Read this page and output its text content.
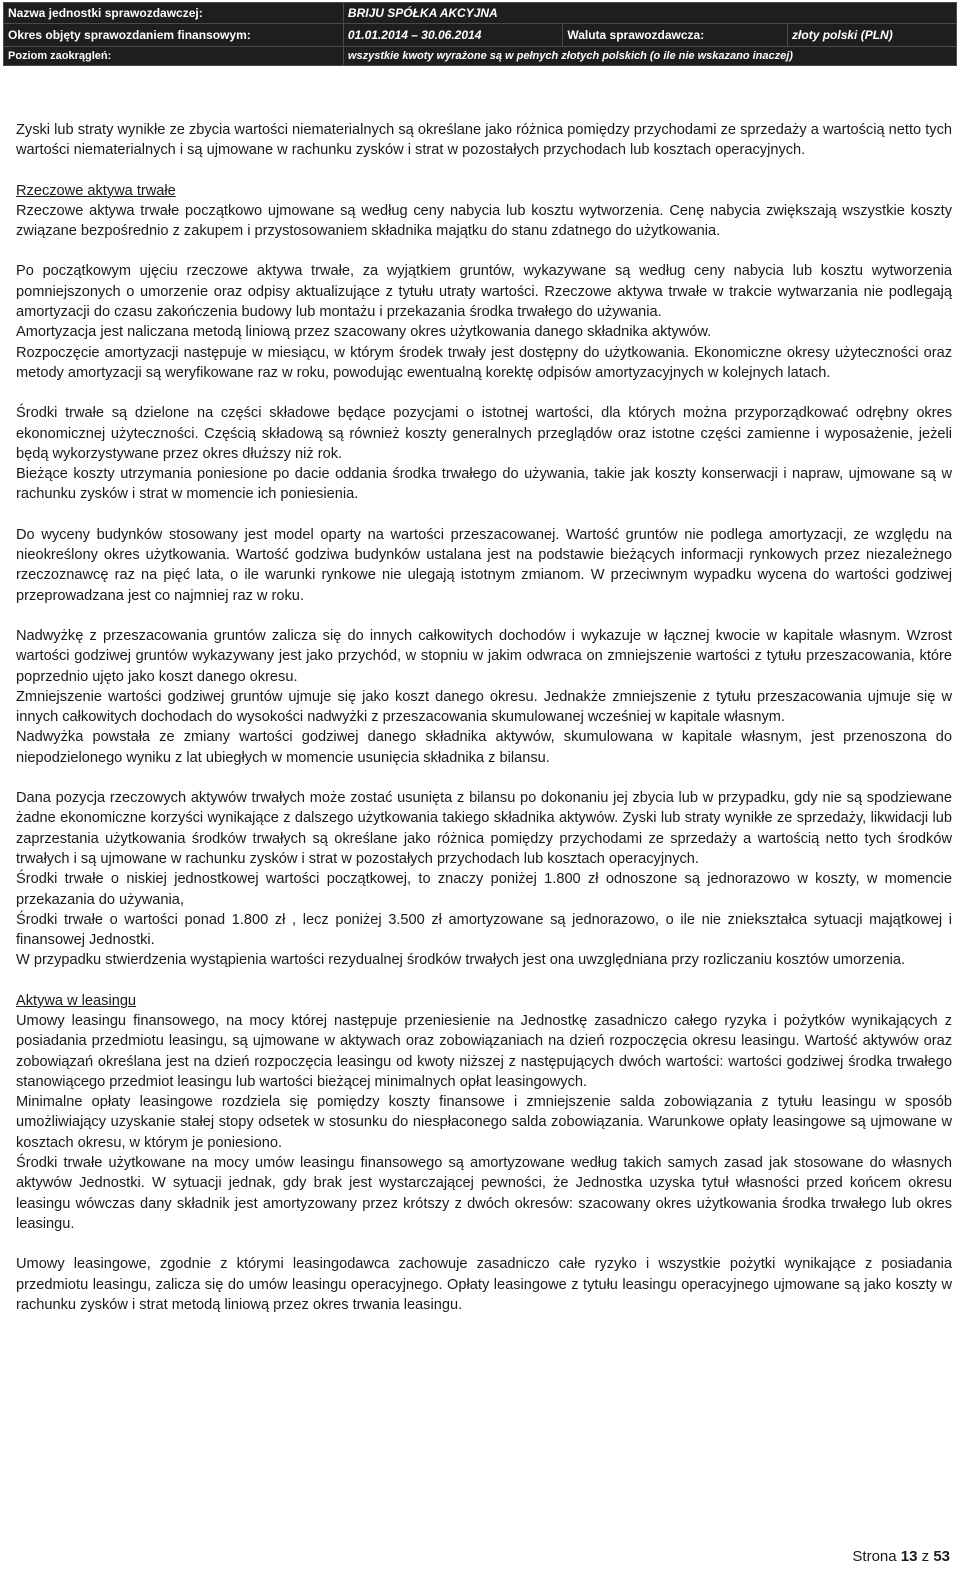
Nazwa jednostki sprawozdawczej:	BRIJU SPÓŁKA AKCYJNA		
Okres objęty sprawozdaniem finansowym:	01.01.2014 – 30.06.2014	Waluta sprawozdawcza:	złoty polski (PLN)
Poziom zaokrągleń:	wszystkie kwoty wyrażone są w pełnych złotych polskich (o ile nie wskazano inaczej)		

Zyski lub straty wynikłe ze zbycia wartości niematerialnych są określane jako różnica pomiędzy przychodami ze sprzedaży a wartością netto tych wartości niematerialnych i są ujmowane w rachunku zysków i strat w pozostałych przychodach lub kosztach operacyjnych.

Rzeczowe aktywa trwałe

Rzeczowe aktywa trwałe początkowo ujmowane są według ceny nabycia lub kosztu wytworzenia. Cenę nabycia zwiększają wszystkie koszty związane bezpośrednio z zakupem i przystosowaniem składnika majątku do stanu zdatnego do użytkowania.

Po początkowym ujęciu rzeczowe aktywa trwałe, za wyjątkiem gruntów, wykazywane są według ceny nabycia lub kosztu wytworzenia pomniejszonych o umorzenie oraz odpisy aktualizujące z tytułu utraty wartości. Rzeczowe aktywa trwałe w trakcie wytwarzania nie podlegają amortyzacji do czasu zakończenia budowy lub montażu i przekazania środka trwałego do używania.

Amortyzacja jest naliczana metodą liniową przez szacowany okres użytkowania danego składnika aktywów.

Rozpoczęcie amortyzacji następuje w miesiącu, w którym środek trwały jest dostępny do użytkowania. Ekonomiczne okresy użyteczności oraz metody amortyzacji są weryfikowane raz w roku, powodując ewentualną korektę odpisów amortyzacyjnych w kolejnych latach.

Środki trwałe są dzielone na części składowe będące pozycjami o istotnej wartości, dla których można przyporządkować odrębny okres ekonomicznej użyteczności. Częścią składową są również koszty generalnych przeglądów oraz istotne części zamienne i wyposażenie, jeżeli będą wykorzystywane przez okres dłuższy niż rok.

Bieżące koszty utrzymania poniesione po dacie oddania środka trwałego do używania, takie jak koszty konserwacji i napraw, ujmowane są w rachunku zysków i strat w momencie ich poniesienia.

Do wyceny budynków stosowany jest model oparty na wartości przeszacowanej. Wartość gruntów nie podlega amortyzacji, ze względu na nieokreślony okres użytkowania. Wartość godziwa budynków ustalana jest na podstawie bieżących informacji rynkowych przez niezależnego rzeczoznawcę raz na pięć lata, o ile warunki rynkowe nie ulegają istotnym zmianom. W przeciwnym wypadku wycena do wartości godziwej przeprowadzana jest co najmniej raz w roku.

Nadwyżkę z przeszacowania gruntów zalicza się do innych całkowitych dochodów i wykazuje w łącznej kwocie w kapitale własnym. Wzrost wartości godziwej gruntów wykazywany jest jako przychód, w stopniu w jakim odwraca on zmniejszenie wartości z tytułu przeszacowania, które poprzednio ujęto jako koszt danego okresu.

Zmniejszenie wartości godziwej gruntów ujmuje się jako koszt danego okresu. Jednakże zmniejszenie z tytułu przeszacowania ujmuje się w innych całkowitych dochodach do wysokości nadwyżki z przeszacowania skumulowanej wcześniej w kapitale własnym.

Nadwyżka powstała ze zmiany wartości godziwej danego składnika aktywów, skumulowana w kapitale własnym, jest przenoszona do niepodzielonego wyniku z lat ubiegłych w momencie usunięcia składnika z bilansu.

Dana pozycja rzeczowych aktywów trwałych może zostać usunięta z bilansu po dokonaniu jej zbycia lub w przypadku, gdy nie są spodziewane żadne ekonomiczne korzyści wynikające z dalszego użytkowania takiego składnika aktywów. Zyski lub straty wynikłe ze sprzedaży, likwidacji lub zaprzestania użytkowania środków trwałych są określane jako różnica pomiędzy przychodami ze sprzedaży a wartością netto tych środków trwałych i są ujmowane w rachunku zysków i strat w pozostałych przychodach lub kosztach operacyjnych.

Środki trwałe o niskiej jednostkowej wartości początkowej, to znaczy poniżej 1.800 zł odnoszone są jednorazowo w koszty, w momencie przekazania do używania,

Środki trwałe o wartości ponad 1.800 zł , lecz poniżej 3.500 zł amortyzowane są jednorazowo, o ile nie zniekształca sytuacji majątkowej i finansowej Jednostki.

W przypadku stwierdzenia wystąpienia wartości rezydualnej środków trwałych jest ona uwzględniana przy rozliczaniu kosztów umorzenia.

Aktywa w leasingu

Umowy leasingu finansowego, na mocy której następuje przeniesienie na Jednostkę zasadniczo całego ryzyka i pożytków wynikających z posiadania przedmiotu leasingu, są ujmowane w aktywach oraz zobowiązaniach na dzień rozpoczęcia okresu leasingu. Wartość aktywów oraz zobowiązań określana jest na dzień rozpoczęcia leasingu od kwoty niższej z następujących dwóch wartości: wartości godziwej środka trwałego stanowiącego przedmiot leasingu lub wartości bieżącej minimalnych opłat leasingowych.

Minimalne opłaty leasingowe rozdziela się pomiędzy koszty finansowe i zmniejszenie salda zobowiązania z tytułu leasingu w sposób umożliwiający uzyskanie stałej stopy odsetek w stosunku do niespłaconego salda zobowiązania. Warunkowe opłaty leasingowe są ujmowane w kosztach okresu, w którym je poniesiono.

Środki trwałe użytkowane na mocy umów leasingu finansowego są amortyzowane według takich samych zasad jak stosowane do własnych aktywów Jednostki. W sytuacji jednak, gdy brak jest wystarczającej pewności, że Jednostka uzyska tytuł własności przed końcem okresu leasingu wówczas dany składnik jest amortyzowany przez krótszy z dwóch okresów: szacowany okres użytkowania środka trwałego lub okres leasingu.

Umowy leasingowe, zgodnie z którymi leasingodawca zachowuje zasadniczo całe ryzyko i wszystkie pożytki wynikające z posiadania przedmiotu leasingu, zalicza się do umów leasingu operacyjnego. Opłaty leasingowe z tytułu leasingu operacyjnego ujmowane są jako koszty w rachunku zysków i strat metodą liniową przez okres trwania leasingu.

Strona 13 z 53
